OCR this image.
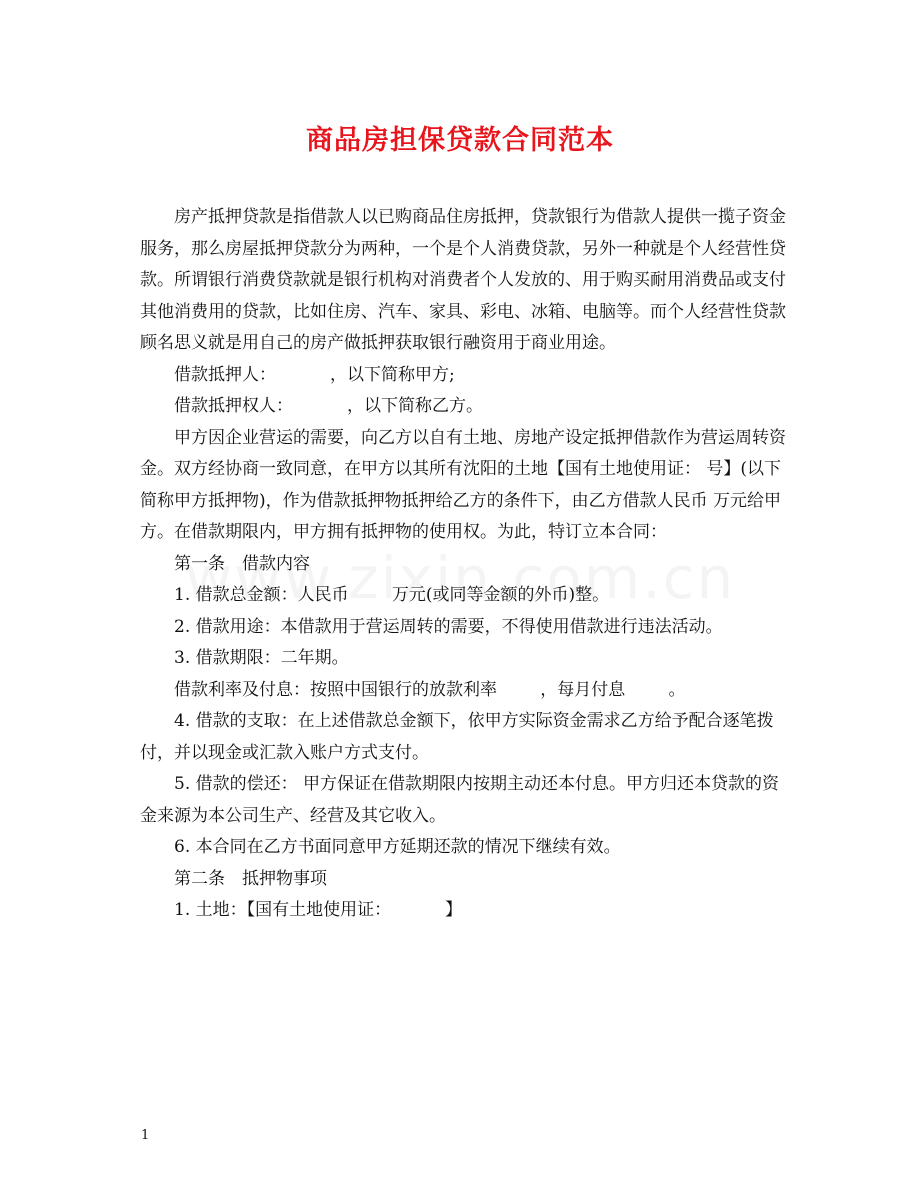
商品房担保贷款合同范本

房产抵押贷款是指借款人以已购商品住房抵押，贷款银行为借款人提供一揽子资金服务，那么房屋抵押贷款分为两种，一个是个人消费贷款，另外一种就是个人经营性贷款。所谓银行消费贷款就是银行机构对消费者个人发放的、用于购买耐用消费品或支付其他消费用的贷款，比如住房、汽车、家具、彩电、冰箱、电脑等。而个人经营性贷款顾名思义就是用自己的房产做抵押获取银行融资用于商业用途。

借款抵押人：          ，以下简称甲方;

借款抵押权人：          ，以下简称乙方。

甲方因企业营运的需要，向乙方以自有土地、房地产设定抵押借款作为营运周转资金。双方经协商一致同意，在甲方以其所有沈阳的土地【国有土地使用证： 号】(以下简称甲方抵押物)，作为借款抵押物抵押给乙方的条件下，由乙方借款人民币 万元给甲方。在借款期限内，甲方拥有抵押物的使用权。为此，特订立本合同：

第一条　借款内容

1. 借款总金额：人民币        万元(或同等金额的外币)整。

2. 借款用途：本借款用于营运周转的需要，不得使用借款进行违法活动。

3. 借款期限：二年期。

借款利率及付息：按照中国银行的放款利率        ，每月付息        。

4. 借款的支取：在上述借款总金额下，依甲方实际资金需求乙方给予配合逐笔拨付，并以现金或汇款入账户方式支付。

5. 借款的偿还： 甲方保证在借款期限内按期主动还本付息。甲方归还本贷款的资金来源为本公司生产、经营及其它收入。

6. 本合同在乙方书面同意甲方延期还款的情况下继续有效。

第二条　抵押物事项

1. 土地：【国有土地使用证：          】

1
